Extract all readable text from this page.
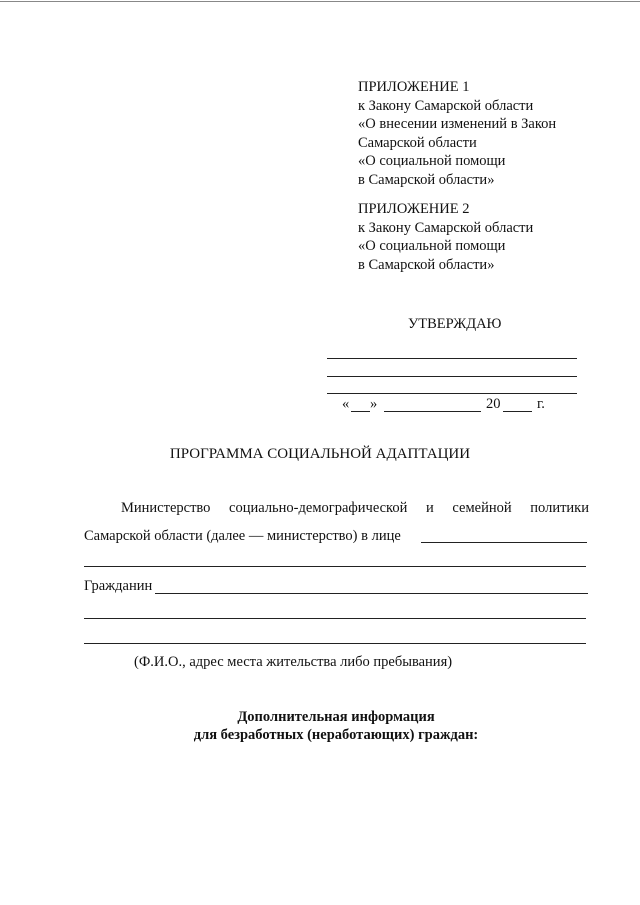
ПРИЛОЖЕНИЕ 1

к Закону Самарской области

«О внесении изменений в Закон

Самарской области

«О социальной помощи

в Самарской области»

ПРИЛОЖЕНИЕ 2

к Закону Самарской области

«О социальной помощи

в Самарской области»

УТВЕРЖДАЮ
« »	20	г.
ПРОГРАММА СОЦИАЛЬНОЙ АДАПТАЦИИ
Министерство социально-демографической и семейной политики
Самарской области (далее — министерство) в лице
Гражданин
(Ф.И.О., адрес места жительства либо пребывания)
Дополнительная информация
для безработных (неработающих) граждан:
